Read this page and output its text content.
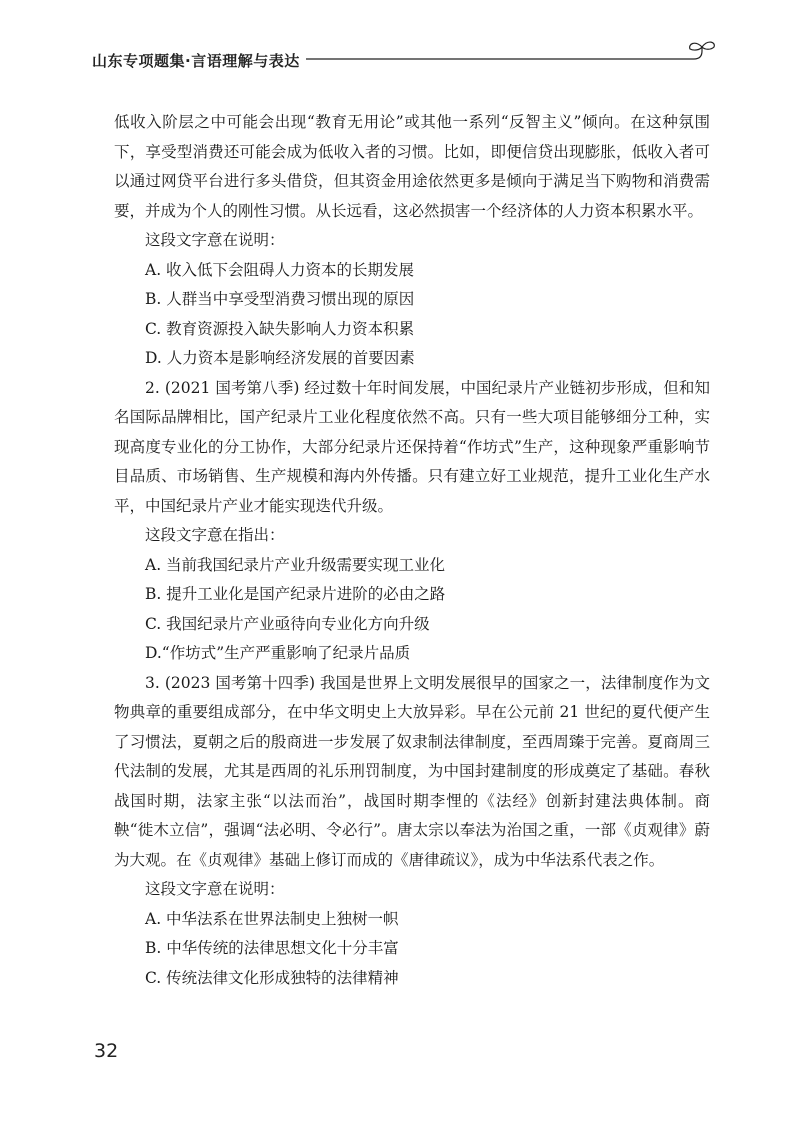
山东专项题集·言语理解与表达

低收入阶层之中可能会出现“教育无用论”或其他一系列“反智主义”倾向。在这种氛围下，享受型消费还可能会成为低收入者的习惯。比如，即便信贷出现膨胀，低收入者可以通过网贷平台进行多头借贷，但其资金用途依然更多是倾向于满足当下购物和消费需要，并成为个人的刚性习惯。从长远看，这必然损害一个经济体的人力资本积累水平。

这段文字意在说明：

A. 收入低下会阻碍人力资本的长期发展

B. 人群当中享受型消费习惯出现的原因

C. 教育资源投入缺失影响人力资本积累

D. 人力资本是影响经济发展的首要因素

2. (2021 国考第八季) 经过数十年时间发展，中国纪录片产业链初步形成，但和知名国际品牌相比，国产纪录片工业化程度依然不高。只有一些大项目能够细分工种，实现高度专业化的分工协作，大部分纪录片还保持着“作坊式”生产，这种现象严重影响节目品质、市场销售、生产规模和海内外传播。只有建立好工业规范，提升工业化生产水平，中国纪录片产业才能实现迭代升级。

这段文字意在指出：

A. 当前我国纪录片产业升级需要实现工业化

B. 提升工业化是国产纪录片进阶的必由之路

C. 我国纪录片产业亟待向专业化方向升级

D.“作坊式”生产严重影响了纪录片品质

3. (2023 国考第十四季) 我国是世界上文明发展很早的国家之一，法律制度作为文物典章的重要组成部分，在中华文明史上大放异彩。早在公元前 21 世纪的夏代便产生了习惯法，夏朝之后的殷商进一步发展了奴隶制法律制度，至西周臻于完善。夏商周三代法制的发展，尤其是西周的礼乐刑罚制度，为中国封建制度的形成奠定了基础。春秋战国时期，法家主张“以法而治”，战国时期李悝的《法经》创新封建法典体制。商鞅“徙木立信”，强调“法必明、令必行”。唐太宗以奉法为治国之重，一部《贞观律》蔚为大观。在《贞观律》基础上修订而成的《唐律疏议》，成为中华法系代表之作。

这段文字意在说明：

A. 中华法系在世界法制史上独树一帜

B. 中华传统的法律思想文化十分丰富

C. 传统法律文化形成独特的法律精神

32
